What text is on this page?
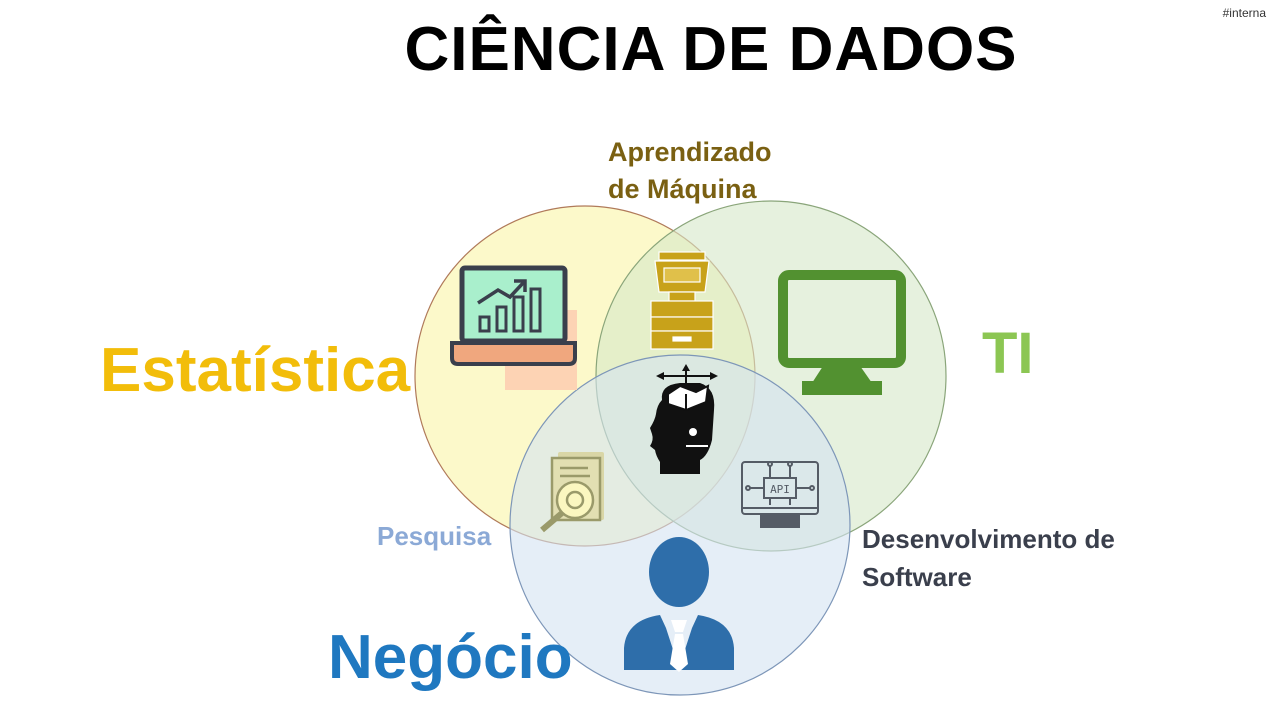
CIÊNCIA DE DADOS
#interna
API
Aprendizado
de Máquina
Estatística	TI
Pesquisa	Desenvolvimento de
Software
Negócio
